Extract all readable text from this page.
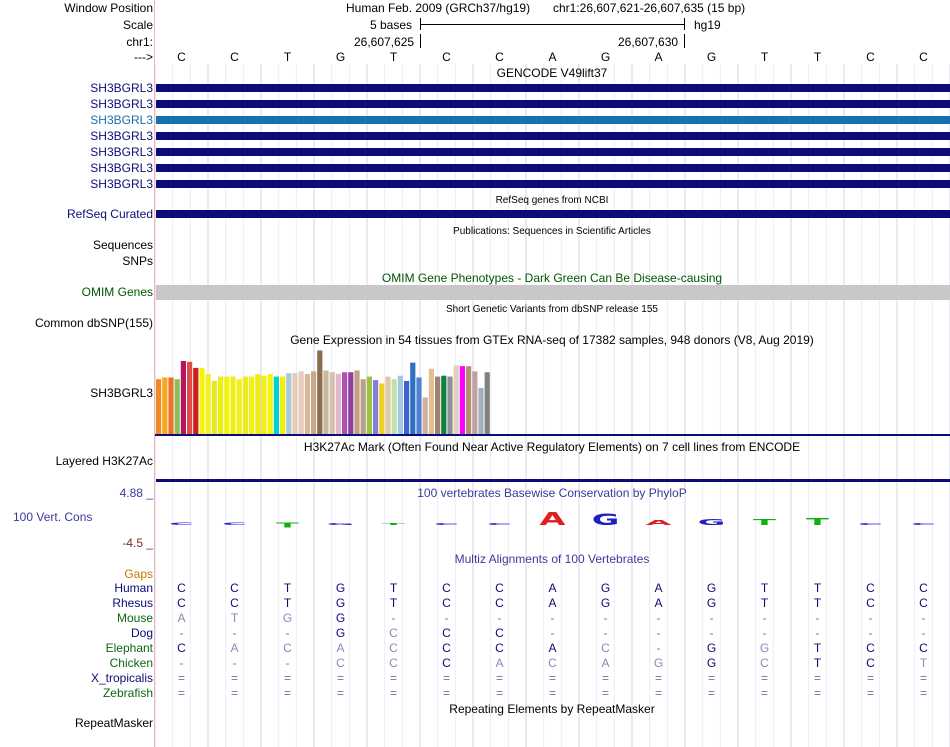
Window Position
Scale
chr1:
--->
Human Feb. 2009 (GRCh37/hg19) chr1:26,607,621-26,607,635 (15 bp)
5 bases	hg19
26,607,625	26,607,630
C	C	T	G	T	C	C	A	G	A	G	T	T	C	C
GENCODE V49lift37
SH3BGRL3
SH3BGRL3
SH3BGRL3
SH3BGRL3
SH3BGRL3
SH3BGRL3
SH3BGRL3
RefSeq genes from NCBI
RefSeq Curated
Publications: Sequences in Scientific Articles
Sequences
SNPs
OMIM Gene Phenotypes - Dark Green Can Be Disease-causing
OMIM Genes
Short Genetic Variants from dbSNP release 155
Common dbSNP(155)
Gene Expression in 54 tissues from GTEx RNA-seq of 17382 samples, 948 donors (V8, Aug 2019)
SH3BGRL3
H3K27Ac Mark (Often Found Near Active Regulatory Elements) on 7 cell lines from ENCODE
Layered H3K27Ac
100 vertebrates Basewise Conservation by PhyloP
4.88 _
100 Vert. Cons
-4.5 _
C C T G T C C A G A G T T C C
Multiz Alignments of 100 Vertebrates
Gaps
Human C	C	T	G	T	C	C	A	G	A	G	T	T	C	C
Rhesus C	C	T	G	T	C	C	A	G	A	G	T	T	C	C
Mouse A	T	G	G	-	-	-	-	-	-	-	-	-	-	-
Dog -	-	-	G	C	C	C	-	-	-	-	-	-	-	-
Elephant C	A	C	A	C	C	C	A	C	-	G	G	T	C	C
Chicken -	-	-	C	C	C	A	C	A	G	G	C	T	C	T
X_tropicalis =	=	=	=	=	=	=	=	=	=	=	=	=	=	=
Zebrafish =	=	=	=	=	=	=	=	=	=	=	=	=	=	=
Repeating Elements by RepeatMasker
RepeatMasker
